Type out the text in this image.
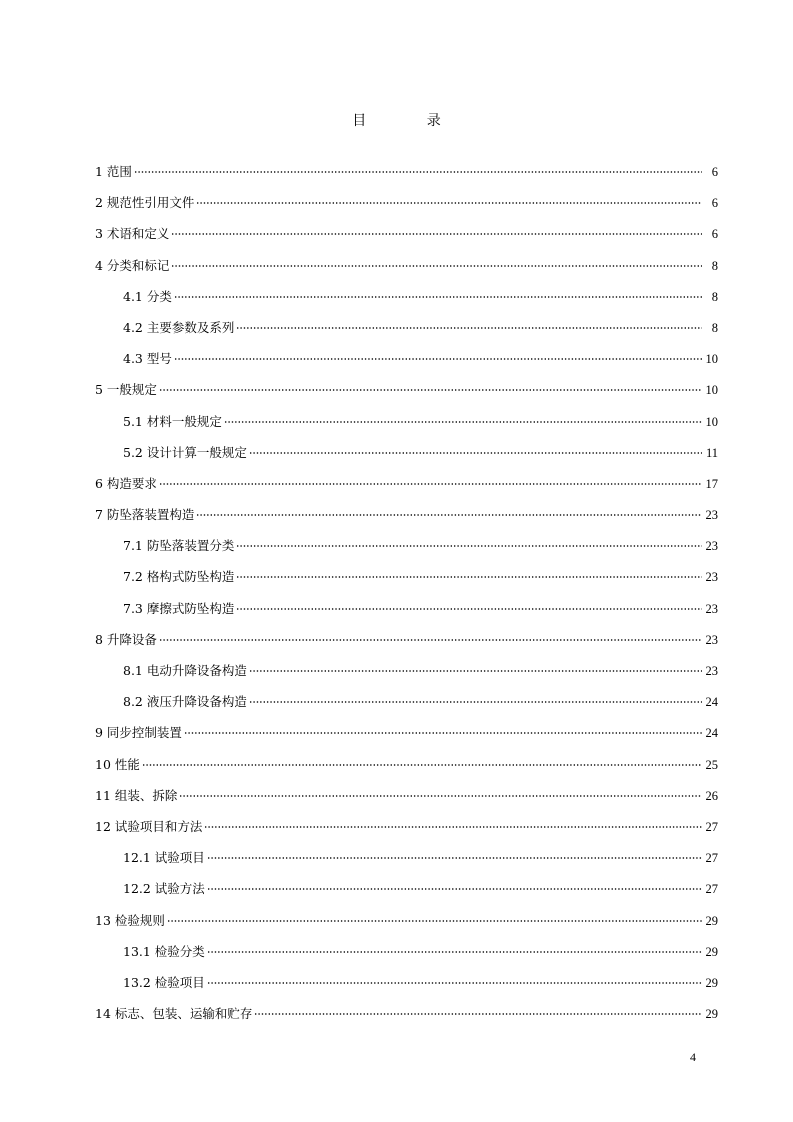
目 录
1 范围	6
2 规范性引用文件	6
3 术语和定义	6
4 分类和标记	8
4.1 分类	8
4.2 主要参数及系列	8
4.3 型号	10
5 一般规定	10
5.1 材料一般规定	10
5.2 设计计算一般规定	11
6 构造要求	17
7 防坠落装置构造	23
7.1 防坠落装置分类	23
7.2 格构式防坠构造	23
7.3 摩擦式防坠构造	23
8 升降设备	23
8.1 电动升降设备构造	23
8.2 液压升降设备构造	24
9 同步控制装置	24
10 性能	25
11 组装、拆除	26
12 试验项目和方法	27
12.1 试验项目	27
12.2 试验方法	27
13 检验规则	29
13.1 检验分类	29
13.2 检验项目	29
14 标志、包装、运输和贮存	29
4
